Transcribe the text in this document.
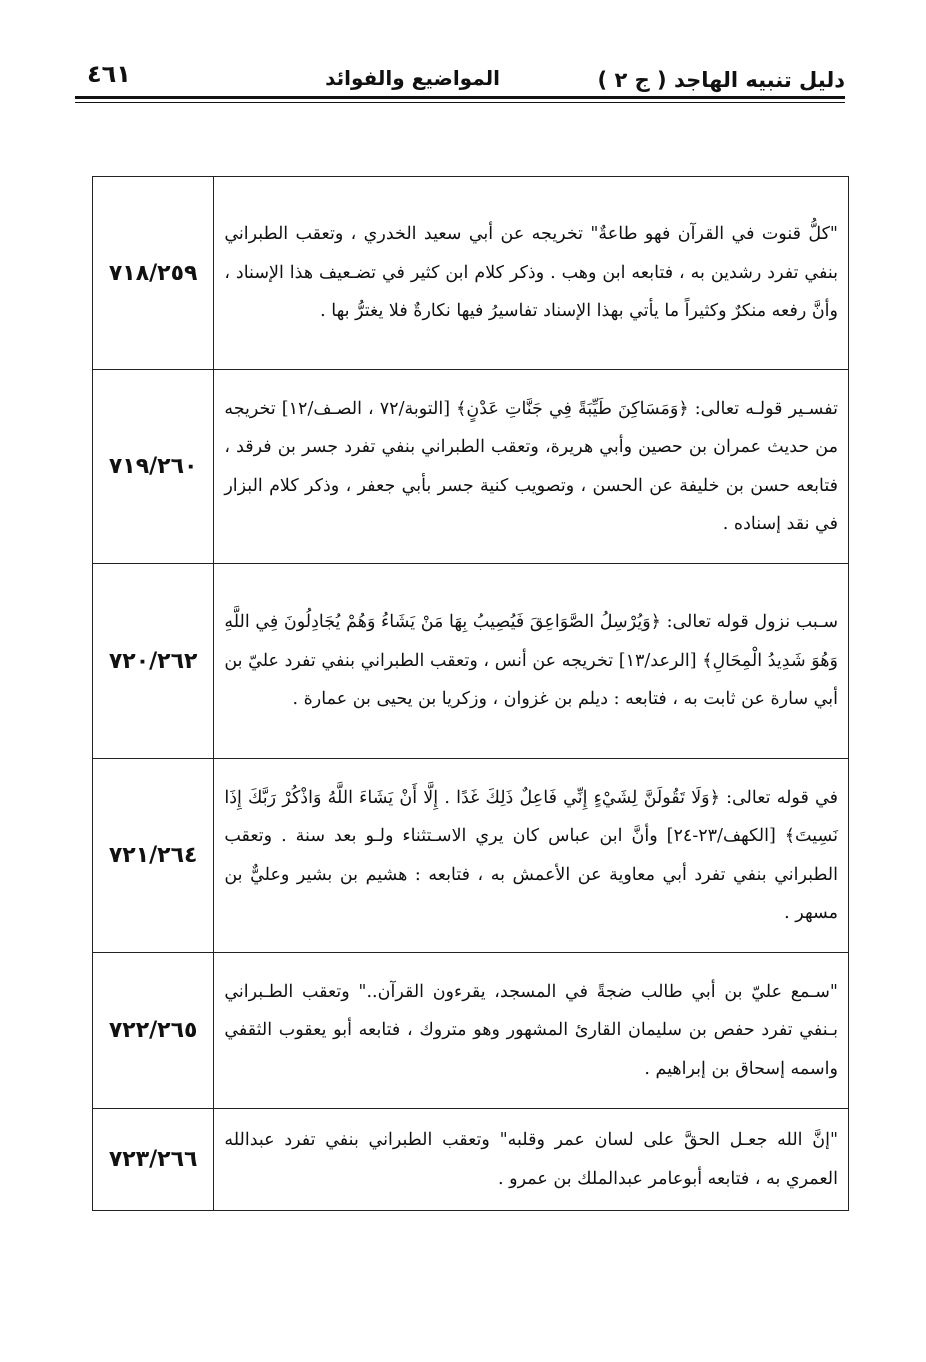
دليل تنبيه الهاجد ( ج ٢ )
المواضيع والفوائد
٤٦١
"كلُّ قنوت في القرآن فهو طاعةٌ" تخريجه عن أبي سعيد الخدري ، وتعقب الطبراني بنفي تفرد رشدين به ، فتابعه ابن وهب . وذكر كلام ابن كثير في تضـعيف هذا الإسناد ، وأنَّ رفعه منكرٌ وكثيراً ما يأتي بهذا الإسناد تفاسيرُ فيها نكارةٌ فلا يغترُّ بها .	٧١٨/٢٥٩
تفسـير قولـه تعالى: ﴿وَمَسَاكِنَ طَيِّبَةً فِي جَنَّاتِ عَدْنٍ﴾ [التوبة/٧٢ ، الصـف/١٢] تخريجه من حديث عمران بن حصين وأبي هريرة، وتعقب الطبراني بنفي تفرد جسر بن فرقد ، فتابعه حسن بن خليفة عن الحسن ، وتصويب كنية جسر بأبي جعفر ، وذكر كلام البزار في نقد إسناده .	٧١٩/٢٦٠
سـبب نزول قوله تعالى: ﴿وَيُرْسِلُ الصَّوَاعِقَ فَيُصِيبُ بِهَا مَنْ يَشَاءُ وَهُمْ يُجَادِلُونَ فِي اللَّهِ وَهُوَ شَدِيدُ الْمِحَالِ﴾ [الرعد/١٣] تخريجه عن أنس ، وتعقب الطبراني بنفي تفرد عليّ بن أبي سارة عن ثابت به ، فتابعه : ديلم بن غزوان ، وزكريا بن يحيى بن عمارة .	٧٢٠/٢٦٢
في قوله تعالى: ﴿وَلَا تَقُولَنَّ لِشَيْءٍ إِنِّي فَاعِلٌ ذَلِكَ غَدًا . إِلَّا أَنْ يَشَاءَ اللَّهُ وَاذْكُرْ رَبَّكَ إِذَا نَسِيتَ﴾ [الكهف/٢٣-٢٤] وأنَّ ابن عباس كان يري الاسـتثناء ولـو بعد سنة . وتعقب الطبراني بنفي تفرد أبي معاوية عن الأعمش به ، فتابعه : هشيم بن بشير وعليٌّ بن مسهر .	٧٢١/٢٦٤
"سـمع عليّ بن أبي طالب ضجةً في المسجد، يقرءون القرآن.." وتعقب الطـبراني بـنفي تفرد حفص بن سليمان القارئ المشهور وهو متروك ، فتابعه أبو يعقوب الثقفي واسمه إسحاق بن إبراهيم .	٧٢٢/٢٦٥
"إنَّ الله جعـل الحقَّ على لسان عمر وقلبه" وتعقب الطبراني بنفي تفرد عبدالله العمري به ، فتابعه أبوعامر عبدالملك بن عمرو .	٧٢٣/٢٦٦
